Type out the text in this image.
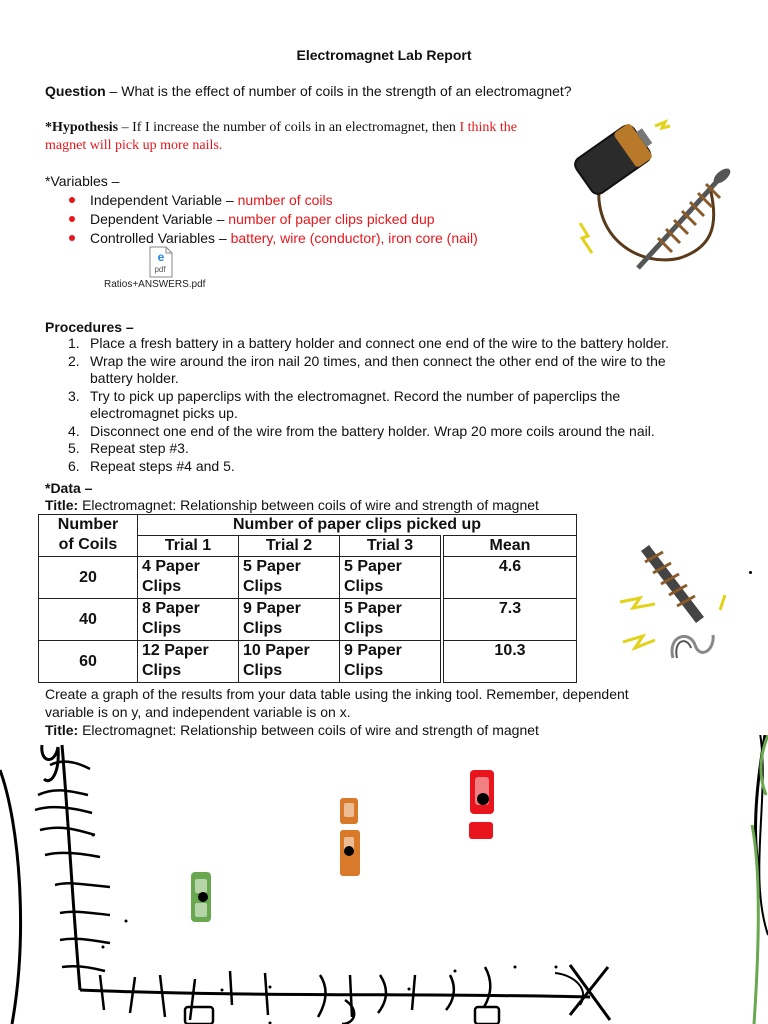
Electromagnet Lab Report
Question – What is the effect of number of coils in the strength of an electromagnet?
*Hypothesis – If I increase the number of coils in an electromagnet, then I think the
magnet will pick up more nails.
*Variables –
Independent Variable – number of coils
Dependent Variable – number of paper clips picked dup
Controlled Variables – battery, wire (conductor), iron core (nail)
e
pdf
Ratios+ANSWERS.pdf
Procedures –
1. Place a fresh battery in a battery holder and connect one end of the wire to the battery holder.
2. Wrap the wire around the iron nail 20 times, and then connect the other end of the wire to the
battery holder.
3. Try to pick up paperclips with the electromagnet. Record the number of paperclips the
electromagnet picks up.
4. Disconnect one end of the wire from the battery holder. Wrap 20 more coils around the nail.
5. Repeat step #3.
6. Repeat steps #4 and 5.
*Data –
Title: Electromagnet: Relationship between coils of wire and strength of magnet
Number
of Coils	Number of paper clips picked up			
	Trial 1	Trial 2	Trial 3	Mean
20	4 Paper
Clips	5 Paper
Clips	5 Paper
Clips	4.6
40	8 Paper
Clips	9 Paper
Clips	5 Paper
Clips	7.3
60	12 Paper
Clips	10 Paper
Clips	9 Paper
Clips	10.3
Create a graph of the results from your data table using the inking tool. Remember, dependent
variable is on y, and independent variable is on x.
Title: Electromagnet: Relationship between coils of wire and strength of magnet
